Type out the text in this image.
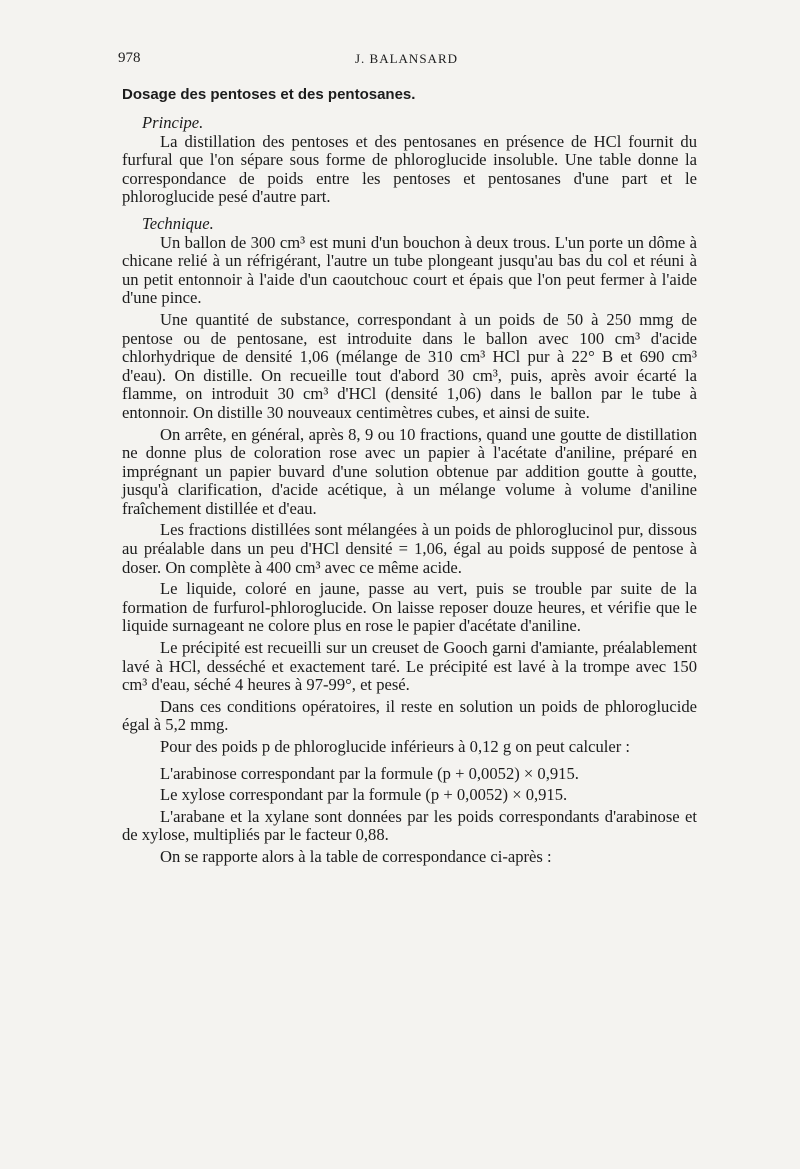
978	J. BALANSARD
Dosage des pentoses et des pentosanes.

Principe.

La distillation des pentoses et des pentosanes en présence de HCl fournit du furfural que l'on sépare sous forme de phloroglucide insoluble. Une table donne la correspondance de poids entre les pentoses et pentosanes d'une part et le phloroglucide pesé d'autre part.

Technique.

Un ballon de 300 cm³ est muni d'un bouchon à deux trous. L'un porte un dôme à chicane relié à un réfrigérant, l'autre un tube plongeant jusqu'au bas du col et réuni à un petit entonnoir à l'aide d'un caoutchouc court et épais que l'on peut fermer à l'aide d'une pince.

Une quantité de substance, correspondant à un poids de 50 à 250 mmg de pentose ou de pentosane, est introduite dans le ballon avec 100 cm³ d'acide chlorhydrique de densité 1,06 (mélange de 310 cm³ HCl pur à 22° B et 690 cm³ d'eau). On distille. On recueille tout d'abord 30 cm³, puis, après avoir écarté la flamme, on introduit 30 cm³ d'HCl (densité 1,06) dans le ballon par le tube à entonnoir. On distille 30 nouveaux centimètres cubes, et ainsi de suite.

On arrête, en général, après 8, 9 ou 10 fractions, quand une goutte de distillation ne donne plus de coloration rose avec un papier à l'acétate d'aniline, préparé en imprégnant un papier buvard d'une solution obtenue par addition goutte à goutte, jusqu'à clarification, d'acide acétique, à un mélange volume à volume d'aniline fraîchement distillée et d'eau.

Les fractions distillées sont mélangées à un poids de phloroglucinol pur, dissous au préalable dans un peu d'HCl densité = 1,06, égal au poids supposé de pentose à doser. On complète à 400 cm³ avec ce même acide.

Le liquide, coloré en jaune, passe au vert, puis se trouble par suite de la formation de furfurol-phloroglucide. On laisse reposer douze heures, et vérifie que le liquide surnageant ne colore plus en rose le papier d'acétate d'aniline.

Le précipité est recueilli sur un creuset de Gooch garni d'amiante, préalablement lavé à HCl, desséché et exactement taré. Le précipité est lavé à la trompe avec 150 cm³ d'eau, séché 4 heures à 97-99°, et pesé.

Dans ces conditions opératoires, il reste en solution un poids de phloroglucide égal à 5,2 mmg.

Pour des poids p de phloroglucide inférieurs à 0,12 g on peut calculer :

L'arabinose correspondant par la formule (p + 0,0052) × 0,915.

Le xylose correspondant par la formule (p + 0,0052) × 0,915.

L'arabane et la xylane sont données par les poids correspondants d'arabinose et de xylose, multipliés par le facteur 0,88.

On se rapporte alors à la table de correspondance ci-après :
